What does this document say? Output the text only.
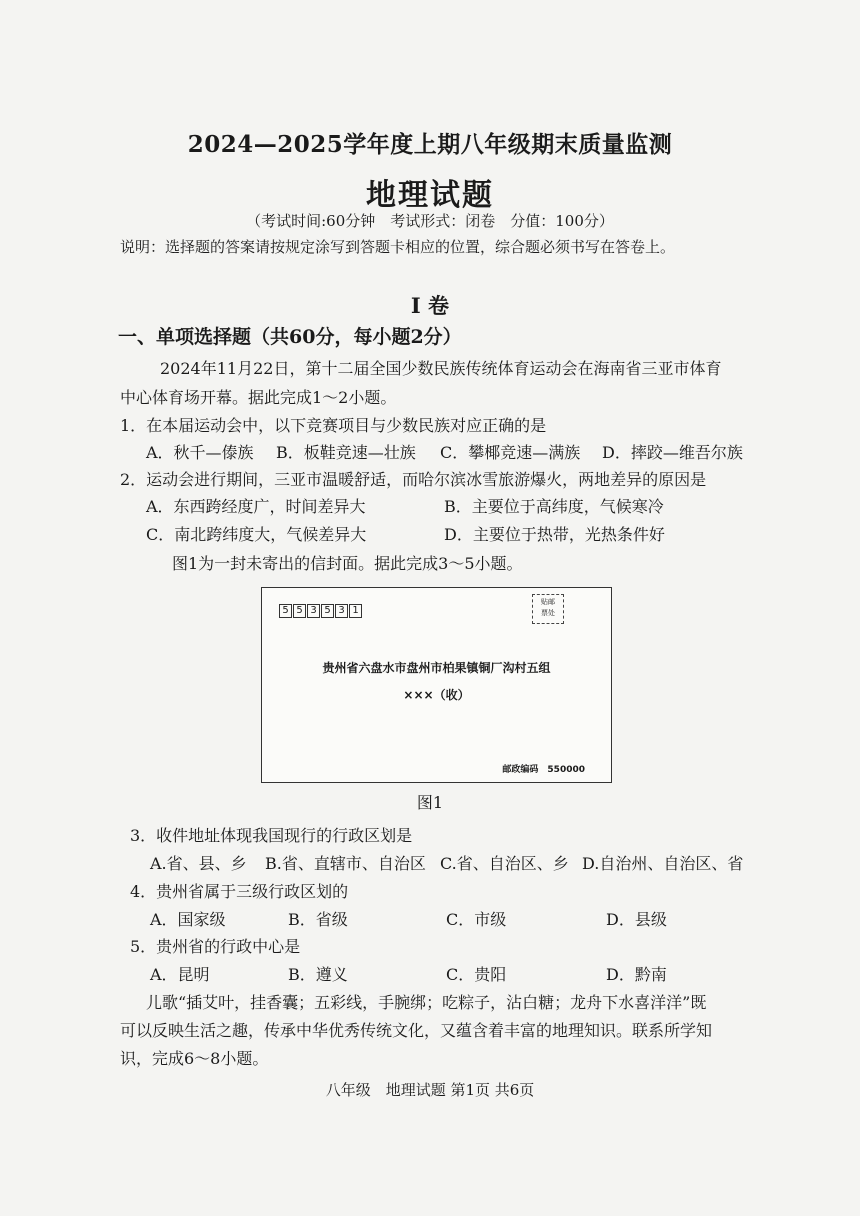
2024—2025学年度上期八年级期末质量监测
地理试题
（考试时间:60分钟　考试形式：闭卷　分值：100分）
说明：选择题的答案请按规定涂写到答题卡相应的位置，综合题必须书写在答卷上。
I 卷
一、单项选择题（共60分，每小题2分）
2024年11月22日，第十二届全国少数民族传统体育运动会在海南省三亚市体育
中心体育场开幕。据此完成1～2小题。
1．在本届运动会中，以下竞赛项目与少数民族对应正确的是
A．秋千—傣族 B．板鞋竞速—壮族 C．攀椰竞速—满族 D．摔跤—维吾尔族
2．运动会进行期间，三亚市温暖舒适，而哈尔滨冰雪旅游爆火，两地差异的原因是
A．东西跨经度广，时间差异大	B．主要位于高纬度，气候寒冷
C．南北跨纬度大，气候差异大	D．主要位于热带，光热条件好
图1为一封未寄出的信封面。据此完成3～5小题。
5 5 3 5 3 1
贴邮
票处
贵州省六盘水市盘州市柏果镇铜厂沟村五组
×××（收）
邮政编码　550000
图1
3．收件地址体现我国现行的行政区划是
A.省、县、乡 B.省、直辖市、自治区 C.省、自治区、乡 D.自治州、自治区、省
4．贵州省属于三级行政区划的
A．国家级	B．省级	C．市级	D．县级
5．贵州省的行政中心是
A．昆明	B．遵义	C．贵阳	D．黔南
儿歌“插艾叶，挂香囊；五彩线，手腕绑；吃粽子，沾白糖；龙舟下水喜洋洋”既
可以反映生活之趣，传承中华优秀传统文化，又蕴含着丰富的地理知识。联系所学知
识，完成6～8小题。
八年级　地理试题 第1页 共6页
